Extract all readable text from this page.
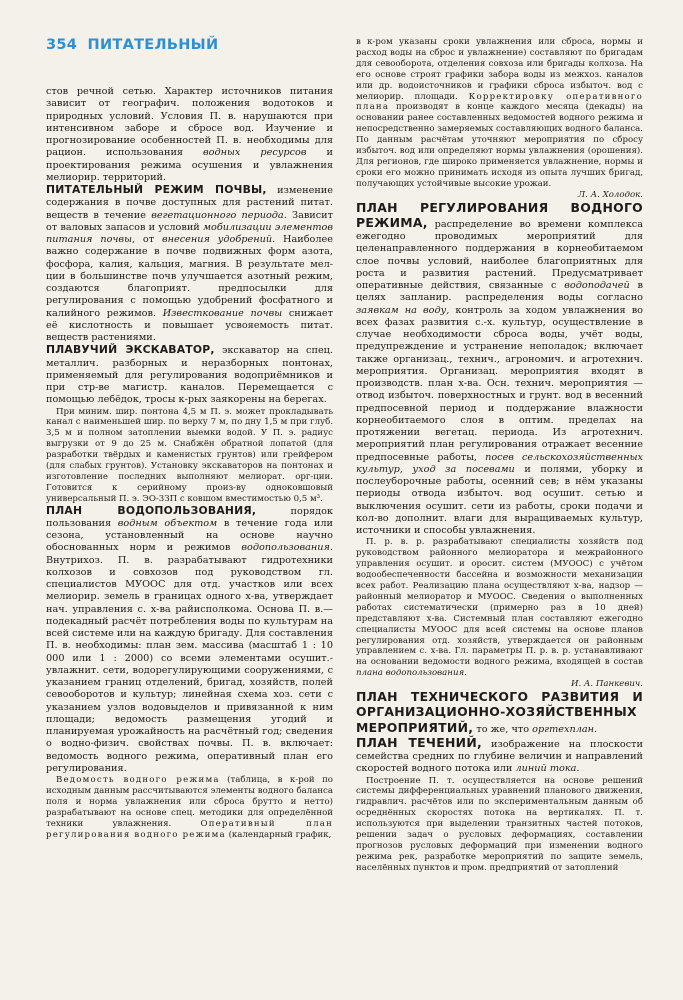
354 ПИТАТЕЛЬНЫЙ

стов речной сетью. Характер источников питания зависит от географич. положения водотоков и природных условий. Условия П. в. нарушаются при интенсивном заборе и сбросе вод. Изучение и прогнозирование особенностей П. в. необходимы для рацион. использования водных ресурсов и проектирования режима осушения и увлажнения мелиорир. территорий.

ПИТАТЕЛЬНЫЙ РЕЖИМ ПОЧВЫ, изменение содержания в почве доступных для растений питат. веществ в течение вегетационного периода. Зависит от валовых запасов и условий мобилизации элементов питания почвы, от внесения удобрений. Наиболее важно содержание в почве подвижных форм азота, фосфора, калия, кальция, магния. В результате мел-ции в большинстве почв улучшается азотный режим, создаются благоприят. предпосылки для регулирования с помощью удобрений фосфатного и калийного режимов. Известкование почвы снижает её кислотность и повышает усвояемость питат. веществ растениями.

ПЛАВУЧИЙ ЭКСКАВАТОР, экскаватор на спец. металлич. разборных и неразборных понтонах, применяемый для регулирования водоприёмников и при стр-ве магистр. каналов. Перемещается с помощью лебёдок, тросы к-рых заякорены на берегах.

При миним. шир. понтона 4,5 м П. э. может прокладывать канал с наименьшей шир. по верху 7 м, по дну 1,5 м при глуб. 3,5 м и полном затоплении выемки водой. У П. э. радиус выгрузки от 9 до 25 м. Снабжён обратной лопатой (для разработки твёрдых и каменистых грунтов) или грейфером (для слабых грунтов). Установку экскаваторов на понтонах и изготовление последних выполняют мелиорат. орг-ции. Готовится к серийному произ-ву одноковшовый универсальный П. э. ЭО-3ЗП с ковшом вместимостью 0,5 м³.

ПЛАН ВОДОПОЛЬЗОВАНИЯ,	порядок пользования водным объектом в течение года или сезона, установленный на основе научно обоснованных норм и режимов водопользования. Внутрихоз. П. в. разрабатывают гидротехники колхозов и совхозов под руководством гл. специалистов МУООС для отд. участков или всех мелиорир. земель в границах одного х-ва, утверждает нач. управления с. х-ва райисполкома. Основа П. в.— подекадный расчёт потребления воды по культурам на всей системе или на каждую бригаду. Для составления П. в. необходимы: план зем. массива (масштаб 1 : 10 000 или 1 : 2000) со всеми элементами осушит.-увлажнит. сети, водорегулирующими сооружениями, с указанием границ отделений, бригад, хозяйств, полей севооборотов и культур; линейная схема хоз. сети с указанием узлов водовыделов и привязанной к ним площади; ведомость размещения угодий и планируемая урожайность на расчётный год; сведения о водно-физич. свойствах почвы. П. в. включает: ведомость водного режима, оперативный план его регулирования.

Ведомость водного режима (таблица, в к-рой по исходным данным рассчитываются элементы водного баланса поля и норма увлажнения или сброса брутто и нетто) разрабатывают на основе спец. методики для определённой техники увлажнения.	Оперативный план регулирования водного режима (календарный график,

в к-ром указаны сроки увлажнения или сброса, нормы и расход воды на сброс и увлажнение) составляют по бригадам для севооборота, отделения совхоза или бригады колхоза. На его основе строят графики забора воды из межхоз. каналов или др. водоисточников и графики сброса избыточ. вод с мелиорир. площади. Корректировку оперативного плана производят в конце каждого месяца (декады) на основании ранее составленных ведомостей водного режима и непосредственно замеряемых составляющих водного баланса. По данным расчётам уточняют мероприятия по сбросу избыточ. вод или определяют нормы увлажнения (орошения). Для регионов, где широко применяется увлажнение, нормы и сроки его можно принимать исходя из опыта лучших бригад, получающих устойчивые высокие урожаи.

Л. А. Холодок.

ПЛАН РЕГУЛИРОВАНИЯ ВОДНОГО РЕЖИМА, распределение во времени комплекса ежегодно проводимых мероприятий для целенаправленного поддержания в корнеобитаемом слое почвы условий, наиболее благоприятных для роста и развития растений. Предусматривает оперативные действия, связанные с водоподачей в целях запланир. распределения воды согласно заявкам на воду, контроль за ходом увлажнения во всех фазах развития с.-х. культур, осуществление в случае необходимости сброса воды, учёт воды, предупреждение и устранение неполадок; включает также организац., технич., агрономич. и агротехнич. мероприятия. Организац. мероприятия входят в производств. план х-ва. Осн. технич. мероприятия — отвод избыточ. поверхностных и грунт. вод в весенний предпосевной период и поддержание влажности корнеобитаемого слоя в оптим. пределах на протяжении вегетац. периода. Из агротехнич. мероприятий план регулирования отражает весенние предпосевные работы, посев сельскохозяйственных культур, уход за посевами и полями, уборку и послеуборочные работы, осенний сев; в нём указаны периоды отвода избыточ. вод осушит. сетью и выключения осушит. сети из работы, сроки подачи и кол-во дополнит. влаги для выращиваемых культур, источники и способы увлажнения.

П. р. в. р. разрабатывают специалисты хозяйств под руководством районного мелиоратора и межрайонного управления осушит. и ороcит. систем (МУООС) с учётом водообеспеченности бассейна и возможности механизации всех работ. Реализацию плана осуществляют х-ва, надзор — районный мелиоратор и МУООС. Сведения о выполненных работах систематически (примерно раз в 10 дней) представляют х-ва. Системный план составляют ежегодно специалисты МУООС для всей системы на основе планов регулирования отд. хозяйств, утверждается он районным управлением с. х-ва. Гл. параметры П. р. в. р. устанавливают на основании ведомости водного режима, входящей в состав плана водопользования.

И. А. Панкевич.

ПЛАН ТЕХНИЧЕСКОГО РАЗВИТИЯ И ОРГАНИЗАЦИОННО-ХОЗЯЙСТВЕННЫХ МЕРОПРИЯТИЙ, то же, что оргтехплан.

ПЛАН ТЕЧЕНИЙ, изображение на плоскости семейства средних по глубине величин и направлений скоростей водного потока или линий тока.

Построение П. т. осуществляется на основе решений системы дифференциальных уравнений планового движения, гидравлич. расчётов или по экспериментальным данным об осреднённых скоростях потока на вертикалях. П. т. используются при выделении транзитных частей потоков, решении задач о русловых деформациях, составлении прогнозов русловых деформаций при изменении водного режима рек, разработке мероприятий по защите земель, населённых пунктов и пром. предприятий от затоплений
